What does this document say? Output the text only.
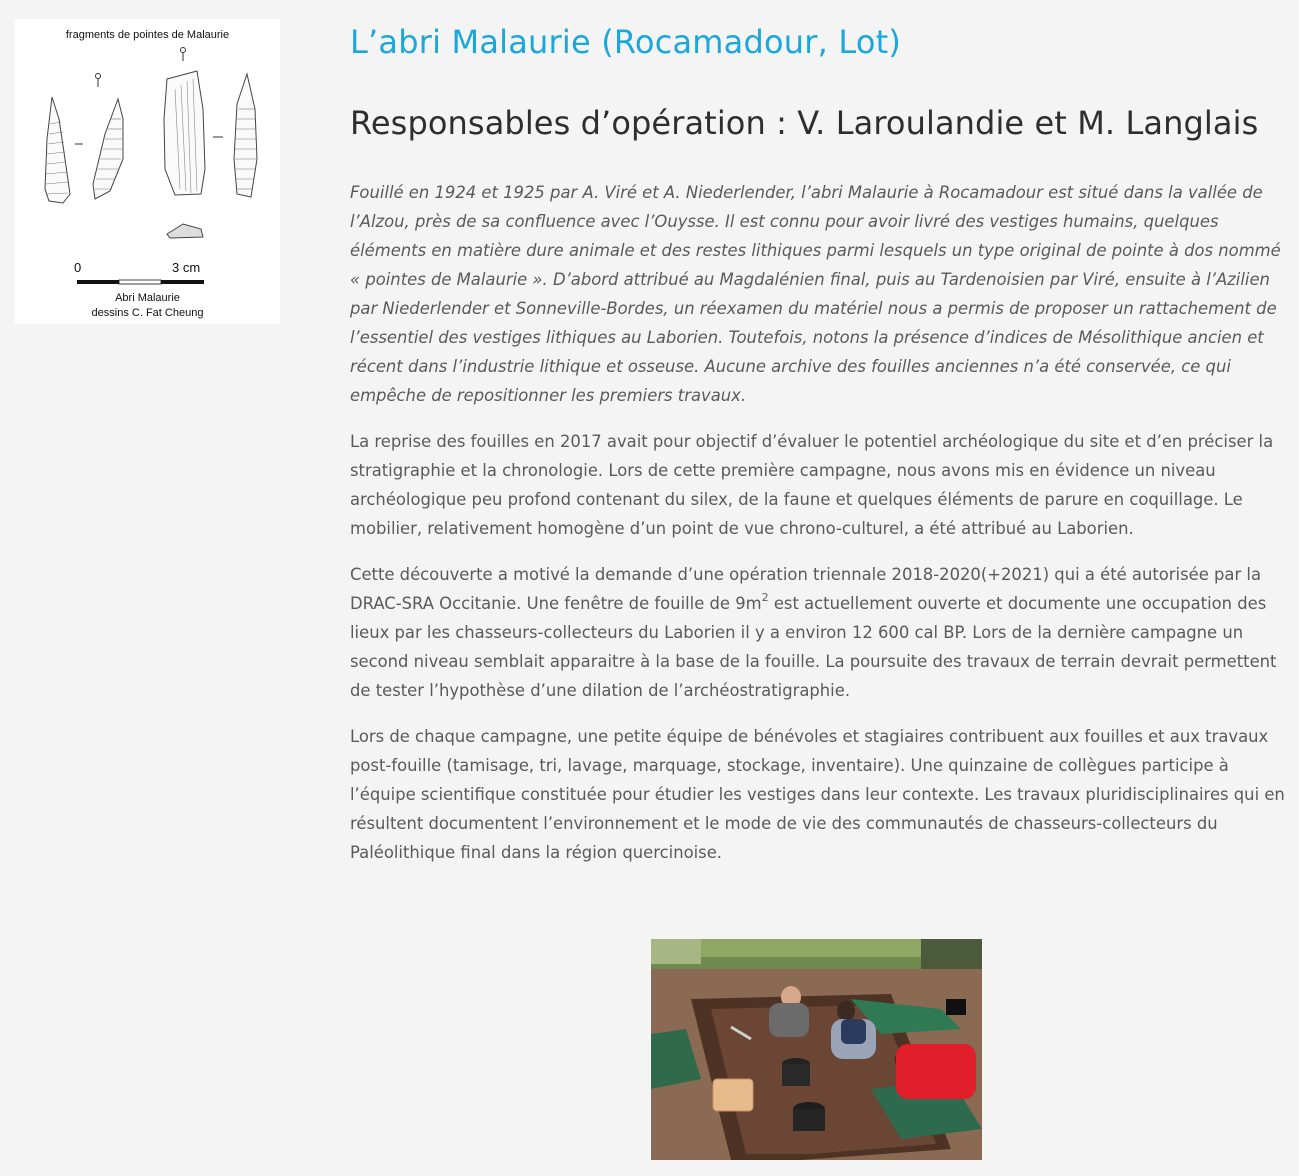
fragments de pointes de Malaurie
0	3 cm
Abri Malaurie
dessins C. Fat Cheung
L’abri Malaurie (Rocamadour, Lot)
Responsables d’opération : V. Laroulandie et M. Langlais

Fouillé en 1924 et 1925 par A. Viré et A. Niederlender, l’abri Malaurie à Rocamadour est situé dans la vallée de l’Alzou, près de sa confluence avec l’Ouysse. Il est connu pour avoir livré des vestiges humains, quelques éléments en matière dure animale et des restes lithiques parmi lesquels un type original de pointe à dos nommé « pointes de Malaurie ». D’abord attribué au Magdalénien final, puis au Tardenoisien par Viré, ensuite à l’Azilien par Niederlender et Sonneville-Bordes, un réexamen du matériel nous a permis de proposer un rattachement de l’essentiel des vestiges lithiques au Laborien. Toutefois, notons la présence d’indices de Mésolithique ancien et récent dans l’industrie lithique et osseuse. Aucune archive des fouilles anciennes n’a été conservée, ce qui empêche de repositionner les premiers travaux.

La reprise des fouilles en 2017 avait pour objectif d’évaluer le potentiel archéologique du site et d’en préciser la stratigraphie et la chronologie. Lors de cette première campagne, nous avons mis en évidence un niveau archéologique peu profond contenant du silex, de la faune et quelques éléments de parure en coquillage. Le mobilier, relativement homogène d’un point de vue chrono-culturel, a été attribué au Laborien.

Cette découverte a motivé la demande d’une opération triennale 2018-2020(+2021) qui a été autorisée par la DRAC-SRA Occitanie. Une fenêtre de fouille de $9m^2$ est actuellement ouverte et documente une occupation des lieux par les chasseurs-collecteurs du Laborien il y a environ 12 600 cal BP. Lors de la dernière campagne un second niveau semblait apparaitre à la base de la fouille. La poursuite des travaux de terrain devrait permettent de tester l’hypothèse d’une dilation de l’archéostratigraphie.

Lors de chaque campagne, une petite équipe de bénévoles et stagiaires contribuent aux fouilles et aux travaux post-fouille (tamisage, tri, lavage, marquage, stockage, inventaire). Une quinzaine de collègues participe à l’équipe scientifique constituée pour étudier les vestiges dans leur contexte. Les travaux pluridisciplinaires qui en résultent documentent l’environnement et le mode de vie des communautés de chasseurs-collecteurs du Paléolithique final dans la région quercinoise.
